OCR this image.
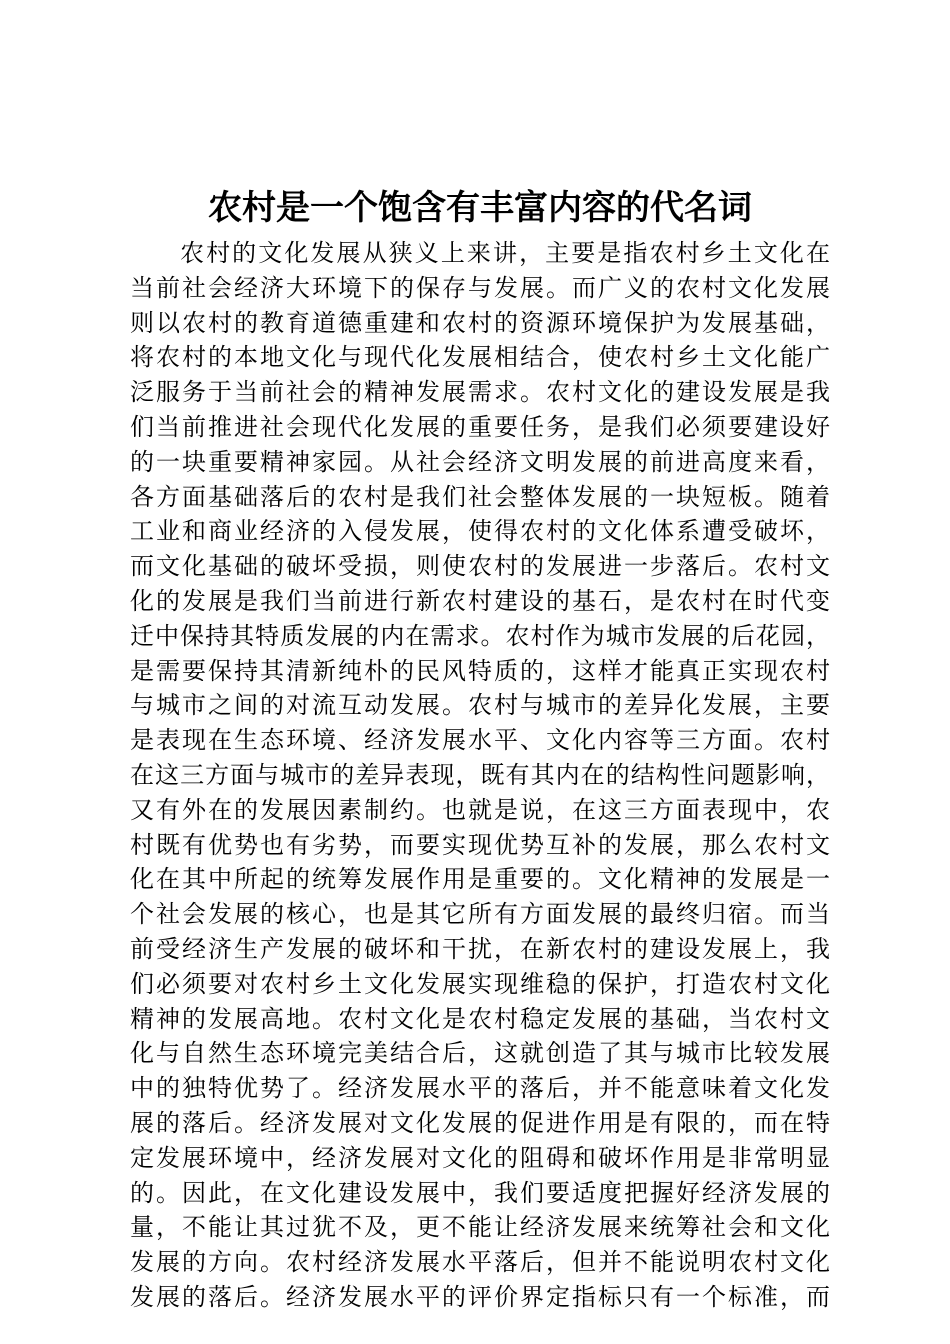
农村是一个饱含有丰富内容的代名词
农村的文化发展从狭义上来讲，主要是指农村乡土文化在
当前社会经济大环境下的保存与发展。而广义的农村文化发展
则以农村的教育道德重建和农村的资源环境保护为发展基础，
将农村的本地文化与现代化发展相结合，使农村乡土文化能广
泛服务于当前社会的精神发展需求。农村文化的建设发展是我
们当前推进社会现代化发展的重要任务，是我们必须要建设好
的一块重要精神家园。从社会经济文明发展的前进高度来看，
各方面基础落后的农村是我们社会整体发展的一块短板。随着
工业和商业经济的入侵发展，使得农村的文化体系遭受破坏，
而文化基础的破坏受损，则使农村的发展进一步落后。农村文
化的发展是我们当前进行新农村建设的基石，是农村在时代变
迁中保持其特质发展的内在需求。农村作为城市发展的后花园，
是需要保持其清新纯朴的民风特质的，这样才能真正实现农村
与城市之间的对流互动发展。农村与城市的差异化发展，主要
是表现在生态环境、经济发展水平、文化内容等三方面。农村
在这三方面与城市的差异表现，既有其内在的结构性问题影响，
又有外在的发展因素制约。也就是说，在这三方面表现中，农
村既有优势也有劣势，而要实现优势互补的发展，那么农村文
化在其中所起的统筹发展作用是重要的。文化精神的发展是一
个社会发展的核心，也是其它所有方面发展的最终归宿。而当
前受经济生产发展的破坏和干扰，在新农村的建设发展上，我
们必须要对农村乡土文化发展实现维稳的保护，打造农村文化
精神的发展高地。农村文化是农村稳定发展的基础，当农村文
化与自然生态环境完美结合后，这就创造了其与城市比较发展
中的独特优势了。经济发展水平的落后，并不能意味着文化发
展的落后。经济发展对文化发展的促进作用是有限的，而在特
定发展环境中，经济发展对文化的阻碍和破坏作用是非常明显
的。因此，在文化建设发展中，我们要适度把握好经济发展的
量，不能让其过犹不及，更不能让经济发展来统筹社会和文化
发展的方向。农村经济发展水平落后，但并不能说明农村文化
发展的落后。经济发展水平的评价界定指标只有一个标准，而
